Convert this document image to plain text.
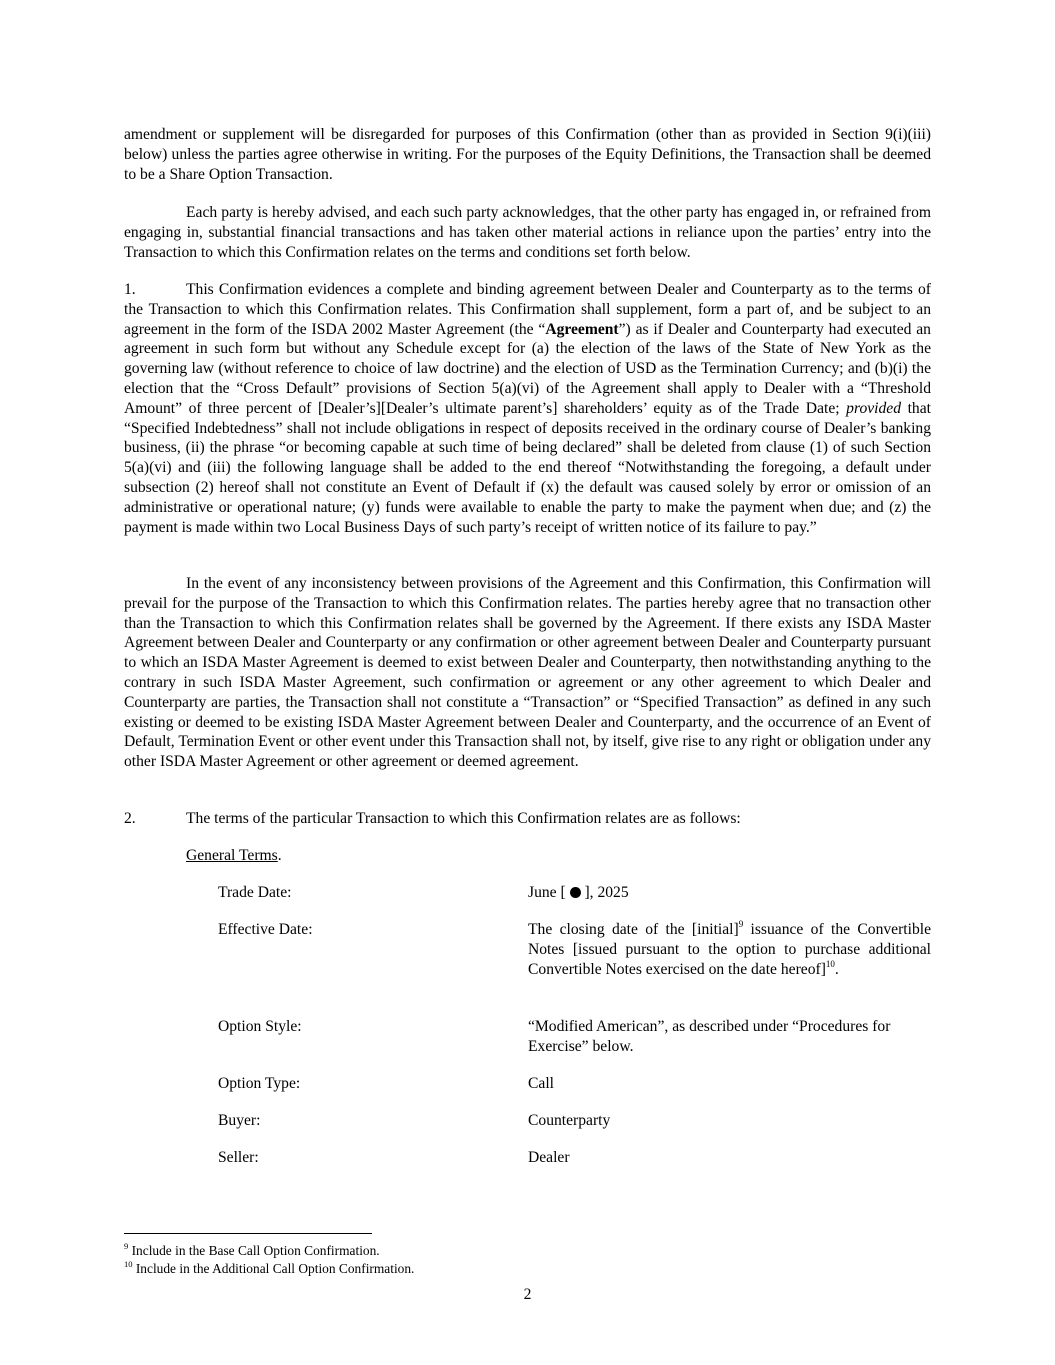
amendment or supplement will be disregarded for purposes of this Confirmation (other than as provided in Section 9(i)(iii) below) unless the parties agree otherwise in writing. For the purposes of the Equity Definitions, the Transaction shall be deemed to be a Share Option Transaction.

Each party is hereby advised, and each such party acknowledges, that the other party has engaged in, or refrained from engaging in, substantial financial transactions and has taken other material actions in reliance upon the parties’ entry into the Transaction to which this Confirmation relates on the terms and conditions set forth below.

1.	This Confirmation evidences a complete and binding agreement between Dealer and Counterparty as to the terms of the Transaction to which this Confirmation relates. This Confirmation shall supplement, form a part of, and be subject to an agreement in the form of the ISDA 2002 Master Agreement (the “Agreement”) as if Dealer and Counterparty had executed an agreement in such form but without any Schedule except for (a) the election of the laws of the State of New York as the governing law (without reference to choice of law doctrine) and the election of USD as the Termination Currency; and (b)(i) the election that the “Cross Default” provisions of Section 5(a)(vi) of the Agreement shall apply to Dealer with a “Threshold Amount” of three percent of [Dealer’s][Dealer’s ultimate parent’s] shareholders’ equity as of the Trade Date; provided that “Specified Indebtedness” shall not include obligations in respect of deposits received in the ordinary course of Dealer’s banking business, (ii) the phrase “or becoming capable at such time of being declared” shall be deleted from clause (1) of such Section 5(a)(vi) and (iii) the following language shall be added to the end thereof “Notwithstanding the foregoing, a default under subsection (2) hereof shall not constitute an Event of Default if (x) the default was caused solely by error or omission of an administrative or operational nature; (y) funds were available to enable the party to make the payment when due; and (z) the payment is made within two Local Business Days of such party’s receipt of written notice of its failure to pay.”

In the event of any inconsistency between provisions of the Agreement and this Confirmation, this Confirmation will prevail for the purpose of the Transaction to which this Confirmation relates. The parties hereby agree that no transaction other than the Transaction to which this Confirmation relates shall be governed by the Agreement. If there exists any ISDA Master Agreement between Dealer and Counterparty or any confirmation or other agreement between Dealer and Counterparty pursuant to which an ISDA Master Agreement is deemed to exist between Dealer and Counterparty, then notwithstanding anything to the contrary in such ISDA Master Agreement, such confirmation or agreement or any other agreement to which Dealer and Counterparty are parties, the Transaction shall not constitute a “Transaction” or “Specified Transaction” as defined in any such existing or deemed to be existing ISDA Master Agreement between Dealer and Counterparty, and the occurrence of an Event of Default, Termination Event or other event under this Transaction shall not, by itself, give rise to any right or obligation under any other ISDA Master Agreement or other agreement or deemed agreement.

2.	The terms of the particular Transaction to which this Confirmation relates are as follows:
General Terms.
Trade Date:	June [  ], 2025

Effective Date:	The closing date of the [initial]$^9$ issuance of the Convertible Notes [issued pursuant to the option to purchase additional Convertible Notes exercised on the date hereof]$^{10}$.

Option Style:	“Modified American”, as described under “Procedures for Exercise” below.

Option Type:	Call

Buyer:	Counterparty

Seller:	Dealer

$^9$ Include in the Base Call Option Confirmation.
$^{10}$ Include in the Additional Call Option Confirmation.
2
